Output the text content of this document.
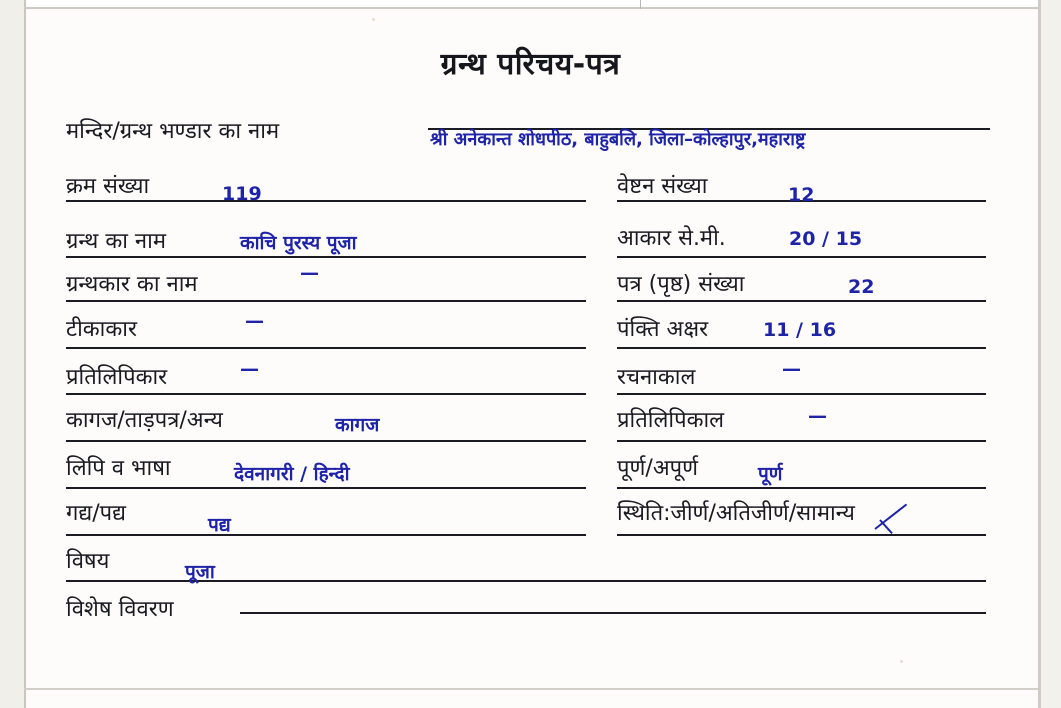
ग्रन्थ परिचय-पत्र
मन्दिर/ग्रन्थ भण्डार का नाम	श्री अनेकान्त शोधपीठ, बाहुबलि, जिला–कोल्हापुर,महाराष्ट्र
क्रम संख्या	119
ग्रन्थ का नाम	काचि पुरस्य पूजा
ग्रन्थकार का नाम	—
टीकाकार	—
प्रतिलिपिकार	—
कागज/ताड़पत्र/अन्य	कागज
लिपि व भाषा	देवनागरी / हिन्दी
गद्य/पद्य	पद्य
विषय	पूजा
विशेष विवरण
वेष्टन संख्या	12
आकार से.मी.	20 / 15
पत्र (पृष्ठ) संख्या	22
पंक्ति अक्षर	11 / 16
रचनाकाल	—
प्रतिलिपिकाल	—
पूर्ण/अपूर्ण	पूर्ण
स्थिति:जीर्ण/अतिजीर्ण/सामान्य
